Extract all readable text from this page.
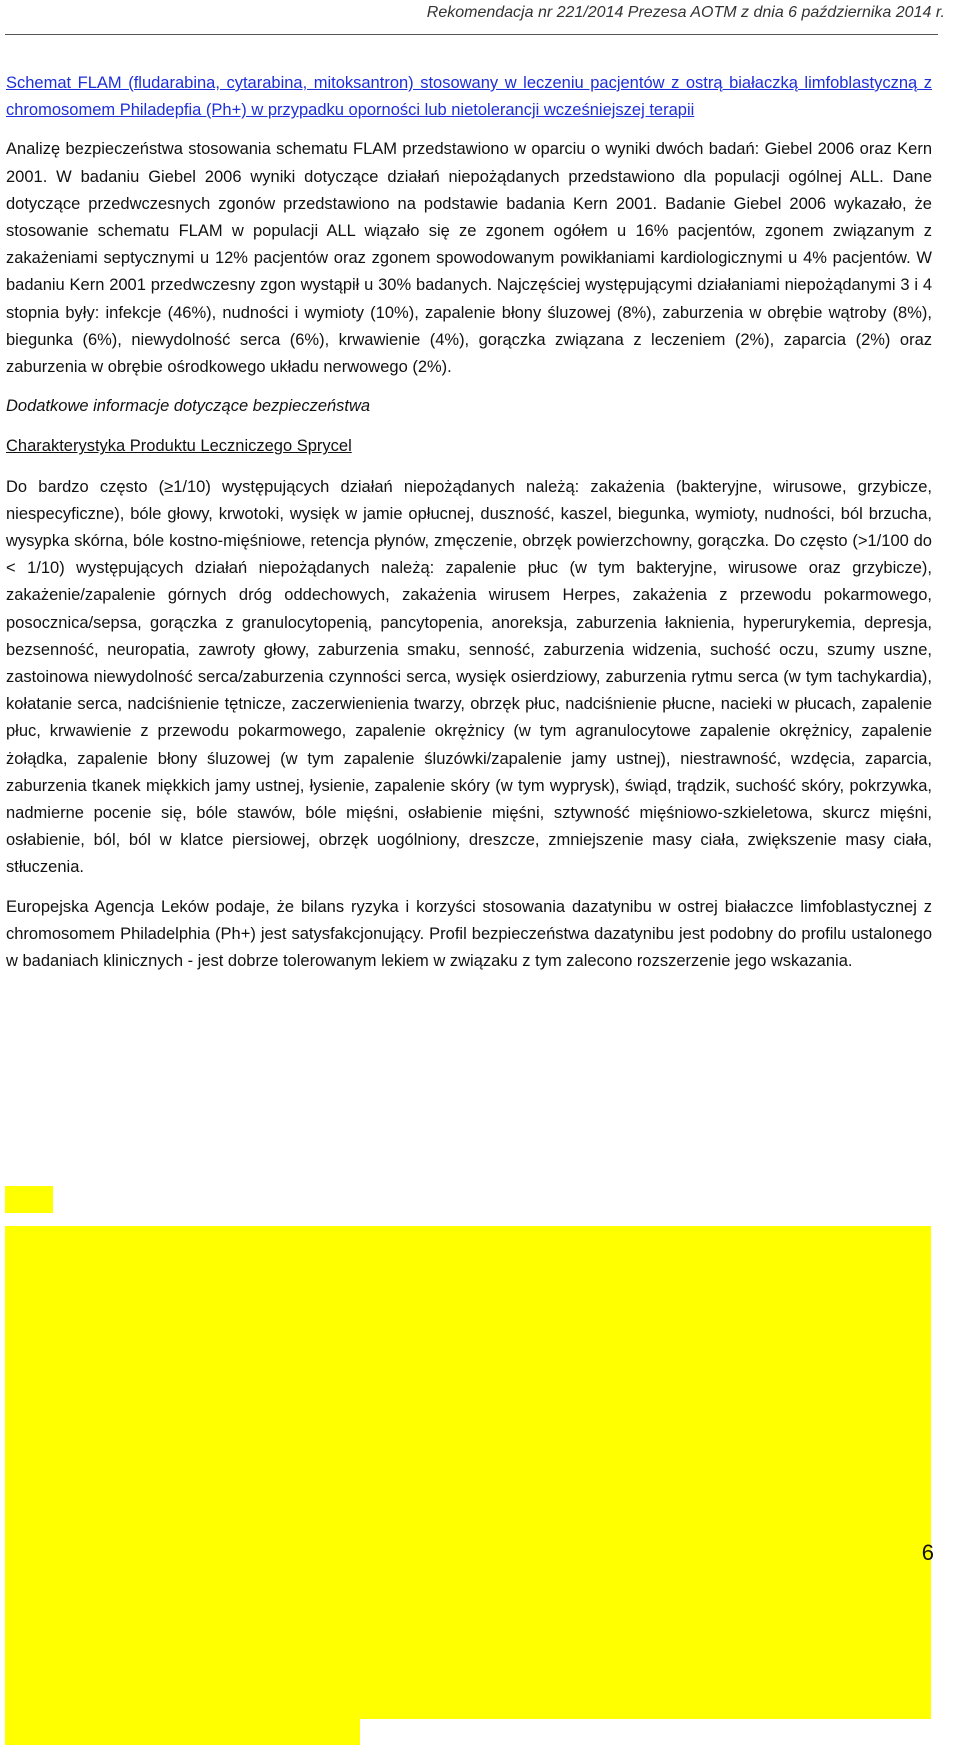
Rekomendacja nr 221/2014 Prezesa AOTM z dnia 6 października 2014 r.

Schemat FLAM (fludarabina, cytarabina, mitoksantron) stosowany w leczeniu pacjentów z ostrą białaczką limfoblastyczną z chromosomem Philadepfia (Ph+) w przypadku oporności lub nietolerancji wcześniejszej terapii

Analizę bezpieczeństwa stosowania schematu FLAM przedstawiono w oparciu o wyniki dwóch badań: Giebel 2006 oraz Kern 2001. W badaniu Giebel 2006 wyniki dotyczące działań niepożądanych przedstawiono dla populacji ogólnej ALL. Dane dotyczące przedwczesnych zgonów przedstawiono na podstawie badania Kern 2001. Badanie Giebel 2006 wykazało, że stosowanie schematu FLAM w populacji ALL wiązało się ze zgonem ogółem u 16% pacjentów, zgonem związanym z zakażeniami septycznymi u 12% pacjentów oraz zgonem spowodowanym powikłaniami kardiologicznymi u 4% pacjentów. W badaniu Kern 2001 przedwczesny zgon wystąpił u 30% badanych. Najczęściej występującymi działaniami niepożądanymi 3 i 4 stopnia były: infekcje (46%), nudności i wymioty (10%), zapalenie błony śluzowej (8%), zaburzenia w obrębie wątroby (8%), biegunka (6%), niewydolność serca (6%), krwawienie (4%), gorączka związana z leczeniem (2%), zaparcia (2%) oraz zaburzenia w obrębie ośrodkowego układu nerwowego (2%).

Dodatkowe informacje dotyczące bezpieczeństwa

Charakterystyka Produktu Leczniczego Sprycel

Do bardzo często (≥1/10) występujących działań niepożądanych należą: zakażenia (bakteryjne, wirusowe, grzybicze, niespecyficzne), bóle głowy, krwotoki, wysięk w jamie opłucnej, duszność, kaszel, biegunka, wymioty, nudności, ból brzucha, wysypka skórna, bóle kostno-mięśniowe, retencja płynów, zmęczenie, obrzęk powierzchowny, gorączka. Do często (>1/100 do < 1/10) występujących działań niepożądanych należą: zapalenie płuc (w tym bakteryjne, wirusowe oraz grzybicze), zakażenie/zapalenie górnych dróg oddechowych, zakażenia wirusem Herpes, zakażenia z przewodu pokarmowego, posocznica/sepsa, gorączka z granulocytopenią, pancytopenia, anoreksja, zaburzenia łaknienia, hyperurykemia, depresja, bezsenność, neuropatia, zawroty głowy, zaburzenia smaku, senność, zaburzenia widzenia, suchość oczu, szumy uszne, zastoinowa niewydolność serca/zaburzenia czynności serca, wysięk osierdziowy, zaburzenia rytmu serca (w tym tachykardia), kołatanie serca, nadciśnienie tętnicze, zaczerwienienia twarzy, obrzęk płuc, nadciśnienie płucne, nacieki w płucach, zapalenie płuc, krwawienie z przewodu pokarmowego, zapalenie okrężnicy (w tym agranulocytowe zapalenie okrężnicy, zapalenie żołądka, zapalenie błony śluzowej (w tym zapalenie śluzówki/zapalenie jamy ustnej), niestrawność, wzdęcia, zaparcia, zaburzenia tkanek miękkich jamy ustnej, łysienie, zapalenie skóry (w tym wyprysk), świąd, trądzik, suchość skóry, pokrzywka, nadmierne pocenie się, bóle stawów, bóle mięśni, osłabienie mięśni, sztywność mięśniowo-szkieletowa, skurcz mięśni, osłabienie, ból, ból w klatce piersiowej, obrzęk uogólniony, dreszcze, zmniejszenie masy ciała, zwiększenie masy ciała, stłuczenia.

Europejska Agencja Leków podaje, że bilans ryzyka i korzyści stosowania dazatynibu w ostrej białaczce limfoblastycznej z chromosomem Philadelphia (Ph+) jest satysfakcjonujący. Profil bezpieczeństwa dazatynibu jest podobny do profilu ustalonego w badaniach klinicznych - jest dobrze tolerowanym lekiem w związaku z tym zalecono rozszerzenie jego wskazania.

6
